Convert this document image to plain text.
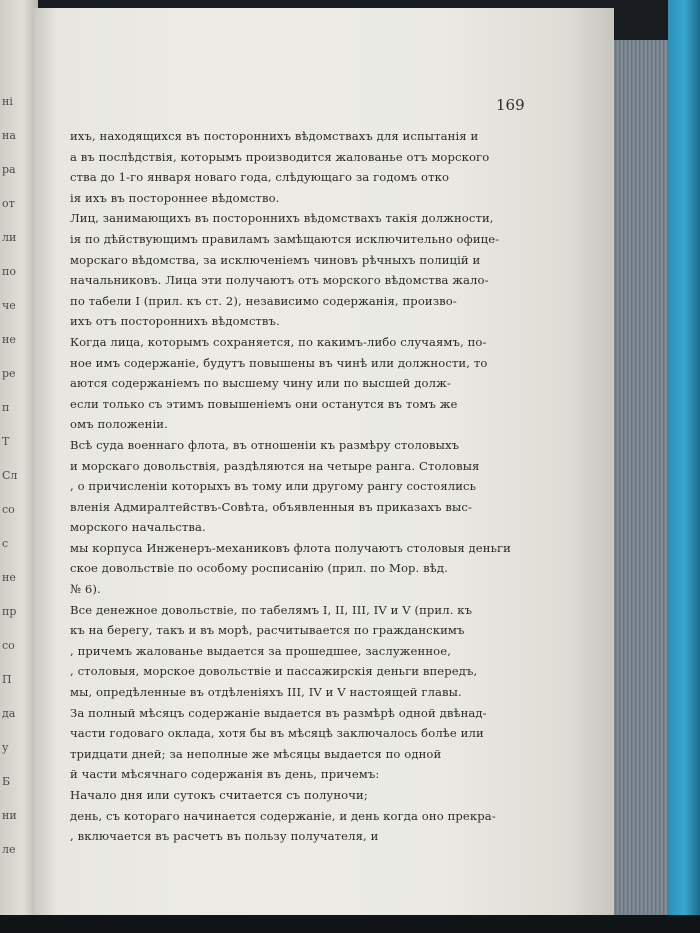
ні
на
ра
от
ли
по
че
не
ре
п
Т
Сл
со
с
не
пр
со
П
да
у
Б
ни
ле
169
ихъ, находящихся въ постороннихъ вѣдомствахъ для испытанія и
а въ послѣдствія, которымъ производится жалованье отъ морского
ства до 1-го января новаго года, слѣдующаго за годомъ отко
ія ихъ въ постороннее вѣдомство.
Лиц, занимающихъ въ постороннихъ вѣдомствахъ такія должности,
ія по дѣйствующимъ правиламъ замѣщаются исключительно офице-
морскаго вѣдомства, за исключеніемъ чиновъ рѣчныхъ полицій и
начальниковъ. Лица эти получаютъ отъ морского вѣдомства жало-
по табели I (прил. къ ст. 2), независимо содержанія, произво-
ихъ отъ постороннихъ вѣдомствъ.
Когда лица, которымъ сохраняется, по какимъ-либо случаямъ, по-
ное имъ содержаніе, будутъ повышены въ чинѣ или должности, то
аются содержаніемъ по высшему чину или по высшей долж-
если только съ этимъ повышеніемъ они останутся въ томъ же
омъ положеніи.
Всѣ суда военнаго флота, въ отношеніи къ размѣру столовыхъ
и морскаго довольствія, раздѣляются на четыре ранга. Столовыя
, о причисленіи которыхъ въ тому или другому рангу состоялись
вленія Адмиралтействъ-Совѣта, объявленныя въ приказахъ выс-
морского начальства.
мы корпуса Инженеръ-механиковъ флота получаютъ столовыя деньги
ское довольствіе по особому росписанію (прил. по Мор. вѣд.
№ 6).
Все денежное довольствіе, по табелямъ I, II, III, IV и V (прил. къ
къ на берегу, такъ и въ морѣ, расчитывается по гражданскимъ
, причемъ жалованье выдается за прошедшее, заслуженное,
, столовыя, морское довольствіе и пассажирскія деньги впередъ,
мы, опредѣленные въ отдѣленіяхъ III, IV и V настоящей главы.
За полный мѣсяцъ содержаніе выдается въ размѣрѣ одной двѣнад-
части годоваго оклада, хотя бы въ мѣсяцѣ заключалось болѣе или
тридцати дней; за неполные же мѣсяцы выдается по одной
й части мѣсячнаго содержанія въ день, причемъ:
Начало дня или сутокъ считается съ полуночи;
день, съ котораго начинается содержаніе, и день когда оно прекра-
, включается въ расчетъ въ пользу получателя, и
